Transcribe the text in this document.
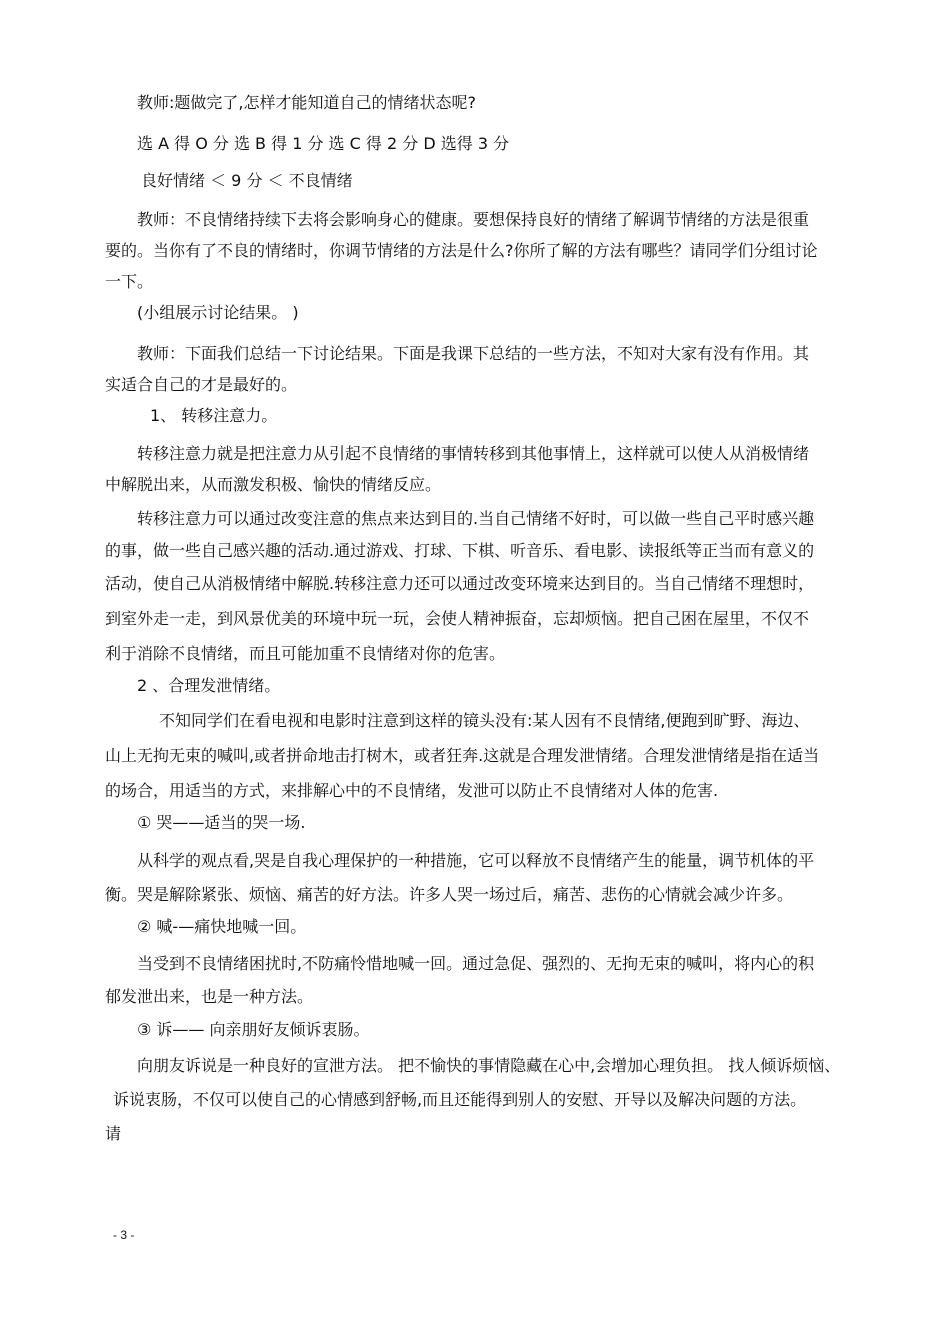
教师:题做完了,怎样才能知道自己的情绪状态呢?
选 A 得 O 分 选 B 得 1 分 选 C 得 2 分 D 选得 3 分
良好情绪 ＜ 9 分 ＜ 不良情绪
教师：不良情绪持续下去将会影响身心的健康。要想保持良好的情绪了解调节情绪的方法是很重
要的。当你有了不良的情绪时，你调节情绪的方法是什么?你所了解的方法有哪些？请同学们分组讨论
一下。
(小组展示讨论结果。 )
教师：下面我们总结一下讨论结果。下面是我课下总结的一些方法，不知对大家有没有作用。其
实适合自己的才是最好的。
1、 转移注意力。
转移注意力就是把注意力从引起不良情绪的事情转移到其他事情上，这样就可以使人从消极情绪
中解脱出来，从而激发积极、愉快的情绪反应。
转移注意力可以通过改变注意的焦点来达到目的.当自己情绪不好时，可以做一些自己平时感兴趣
的事，做一些自己感兴趣的活动.通过游戏、打球、下棋、听音乐、看电影、读报纸等正当而有意义的
活动，使自己从消极情绪中解脱.转移注意力还可以通过改变环境来达到目的。当自己情绪不理想时，
到室外走一走，到风景优美的环境中玩一玩，会使人精神振奋，忘却烦恼。把自己困在屋里，不仅不
利于消除不良情绪，而且可能加重不良情绪对你的危害。
2 、合理发泄情绪。
不知同学们在看电视和电影时注意到这样的镜头没有:某人因有不良情绪,便跑到旷野、海边、
山上无拘无束的喊叫,或者拼命地击打树木，或者狂奔.这就是合理发泄情绪。合理发泄情绪是指在适当
的场合，用适当的方式，来排解心中的不良情绪，发泄可以防止不良情绪对人体的危害.
① 哭——适当的哭一场.
从科学的观点看,哭是自我心理保护的一种措施，它可以释放不良情绪产生的能量，调节机体的平
衡。哭是解除紧张、烦恼、痛苦的好方法。许多人哭一场过后，痛苦、悲伤的心情就会减少许多。
② 喊-—痛快地喊一回。
当受到不良情绪困扰时,不防痛怜惜地喊一回。通过急促、强烈的、无拘无束的喊叫，将内心的积
郁发泄出来，也是一种方法。
③ 诉—— 向亲朋好友倾诉衷肠。
向朋友诉说是一种良好的宣泄方法。 把不愉快的事情隐藏在心中,会增加心理负担。 找人倾诉烦恼、
诉说衷肠，不仅可以使自己的心情感到舒畅,而且还能得到别人的安慰、开导以及解决问题的方法。
请
- 3 -
